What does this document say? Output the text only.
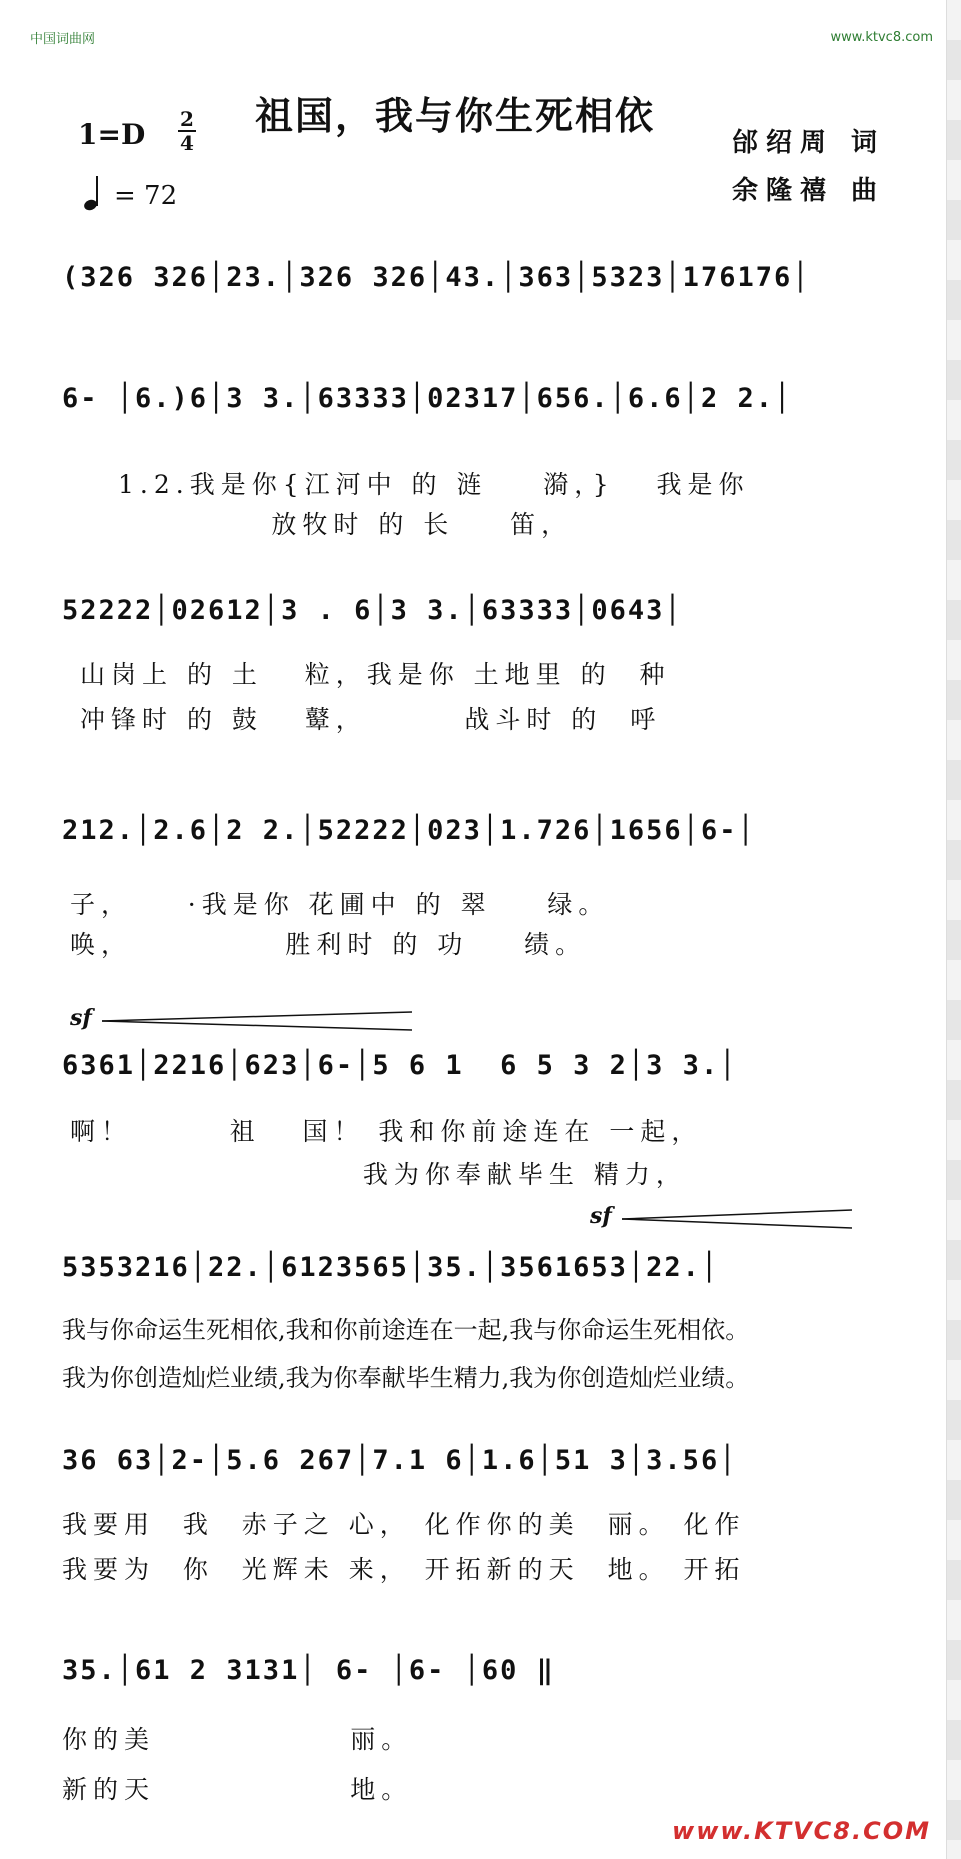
中国词曲网	www.ktvc8.com
祖国，我与你生死相依
1=D 2
4
= 72
邰绍周 词
余隆禧 曲
(326 326│23.│326 326│43.│363│5323│176176│
6- │6.)6│3 3.│63333│02317│656.│6.6│2 2.│
1.2.我是你{江河中 的 涟    漪，}   我是你
放牧时 的 长    笛，
52222│02612│3 . 6│3 3.│63333│0643│
山岗上 的 土   粒，我是你 土地里 的  种
冲锋时 的 鼓   鼙，       战斗时 的  呼
212.│2.6│2 2.│52222│023│1.726│1656│6-│
子，    ·我是你 花圃中 的 翠    绿。
唤，           胜利时 的 功    绩。
sf
6361│2216│623│6-│5 6 1  6 5 3 2│3 3.│
啊！       祖   国！ 我和你前途连在 一起，
我为你奉献毕生 精力，
sf
5353216│22.│6123565│35.│3561653│22.│
我与你命运生死相依,我和你前途连在一起,我与你命运生死相依。
我为你创造灿烂业绩,我为你奉献毕生精力,我为你创造灿烂业绩。
36 63│2-│5.6 267│7.1 6│1.6│51 3│3.56│
我要用  我  赤子之 心， 化作你的美  丽。 化作
我要为  你  光辉未 来， 开拓新的天  地。 开拓
35.│61 2 3131│ 6- │6- │60 ‖
你的美              丽。
新的天              地。
www.KTVC8.COM
